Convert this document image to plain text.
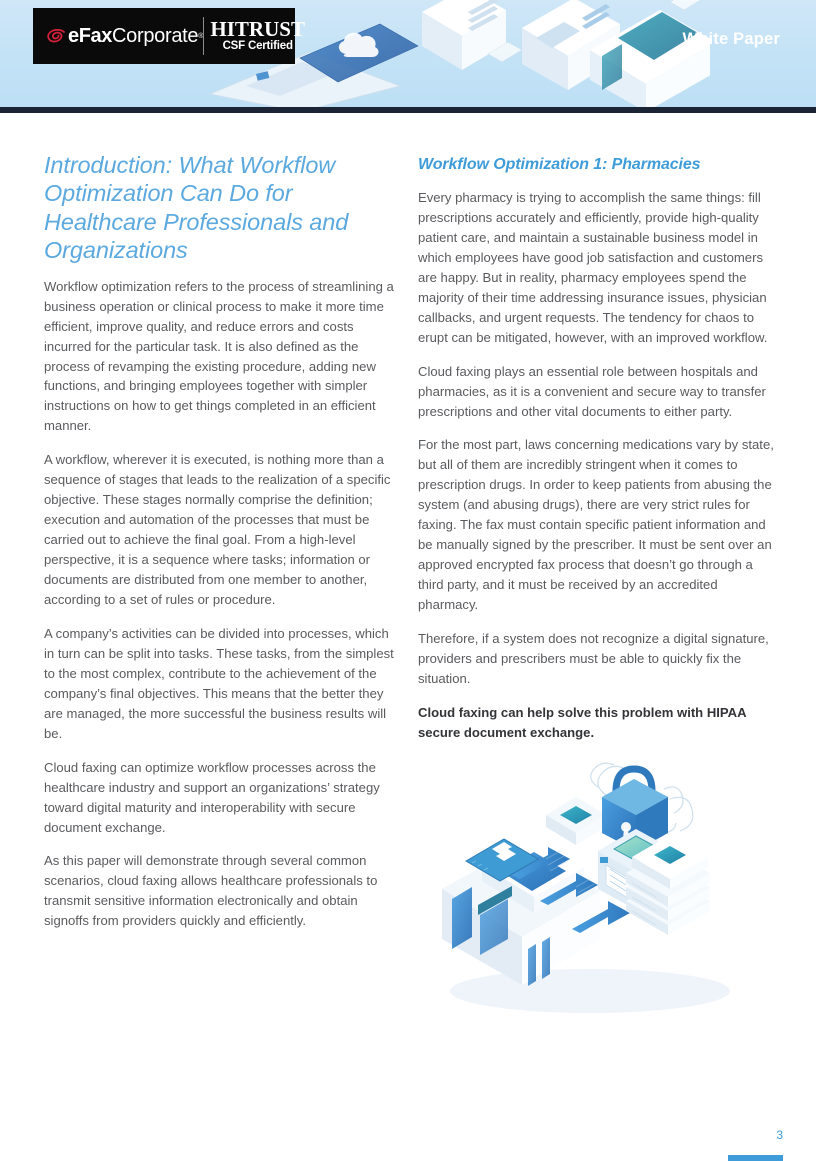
eFax Corporate ® HITRUST
CSF Certified	White Paper
Introduction: What Workflow Optimization Can Do for Healthcare Professionals and Organizations

Workflow optimization refers to the process of streamlining a business operation or clinical process to make it more time efficient, improve quality, and reduce errors and costs incurred for the particular task. It is also defined as the process of revamping the existing procedure, adding new functions, and bringing employees together with simpler instructions on how to get things completed in an efficient manner.

A workflow, wherever it is executed, is nothing more than a sequence of stages that leads to the realization of a specific objective. These stages normally comprise the definition; execution and automation of the processes that must be carried out to achieve the final goal. From a high-level perspective, it is a sequence where tasks; information or documents are distributed from one member to another, according to a set of rules or procedure.

A company’s activities can be divided into processes, which in turn can be split into tasks. These tasks, from the simplest to the most complex, contribute to the achievement of the company’s final objectives. This means that the better they are managed, the more successful the business results will be.

Cloud faxing can optimize workflow processes across the healthcare industry and support an organizations’ strategy toward digital maturity and interoperability with secure document exchange.

As this paper will demonstrate through several common scenarios, cloud faxing allows healthcare professionals to transmit sensitive information electronically and obtain signoffs from providers quickly and efficiently.

Workflow Optimization 1: Pharmacies

Every pharmacy is trying to accomplish the same things: fill prescriptions accurately and efficiently, provide high-quality patient care, and maintain a sustainable business model in which employees have good job satisfaction and customers are happy. But in reality, pharmacy employees spend the majority of their time addressing insurance issues, physician callbacks, and urgent requests. The tendency for chaos to erupt can be mitigated, however, with an improved workflow.

Cloud faxing plays an essential role between hospitals and pharmacies, as it is a convenient and secure way to transfer prescriptions and other vital documents to either party.

For the most part, laws concerning medications vary by state, but all of them are incredibly stringent when it comes to prescription drugs. In order to keep patients from abusing the system (and abusing drugs), there are very strict rules for faxing. The fax must contain specific patient information and be manually signed by the prescriber. It must be sent over an approved encrypted fax process that doesn’t go through a third party, and it must be received by an accredited pharmacy.

Therefore, if a system does not recognize a digital signature, providers and prescribers must be able to quickly fix the situation.

Cloud faxing can help solve this problem with HIPAA secure document exchange.

3
